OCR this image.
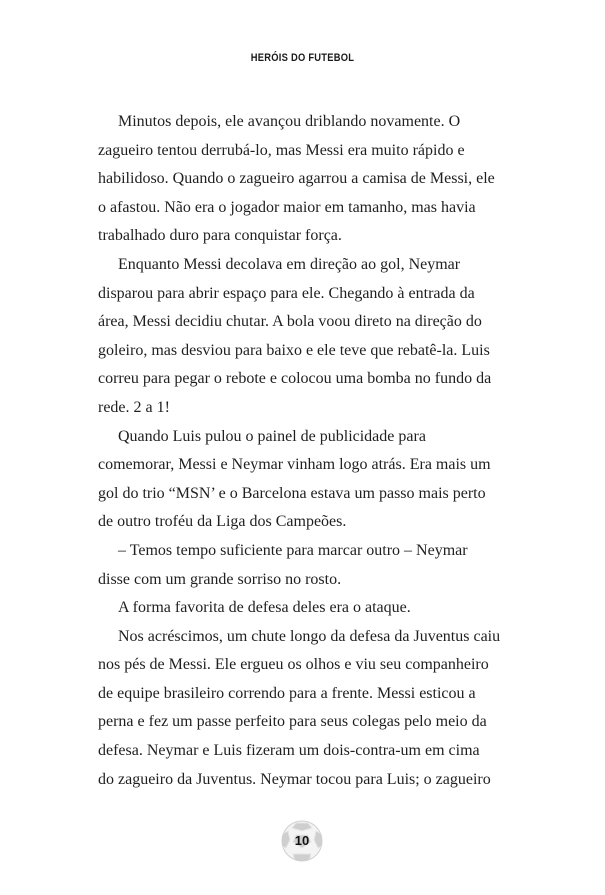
HERÓIS DO FUTEBOL

Minutos depois, ele avançou driblando novamente. O
zagueiro tentou derrubá-lo, mas Messi era muito rápido e
habilidoso. Quando o zagueiro agarrou a camisa de Messi, ele
o afastou. Não era o jogador maior em tamanho, mas havia
trabalhado duro para conquistar força.

Enquanto Messi decolava em direção ao gol, Neymar
disparou para abrir espaço para ele. Chegando à entrada da
área, Messi decidiu chutar. A bola voou direto na direção do
goleiro, mas desviou para baixo e ele teve que rebatê-la. Luis
correu para pegar o rebote e colocou uma bomba no fundo da
rede. 2 a 1!

Quando Luis pulou o painel de publicidade para
comemorar, Messi e Neymar vinham logo atrás. Era mais um
gol do trio “MSN’ e o Barcelona estava um passo mais perto
de outro troféu da Liga dos Campeões.

– Temos tempo suficiente para marcar outro – Neymar
disse com um grande sorriso no rosto.

A forma favorita de defesa deles era o ataque.

Nos acréscimos, um chute longo da defesa da Juventus caiu
nos pés de Messi. Ele ergueu os olhos e viu seu companheiro
de equipe brasileiro correndo para a frente. Messi esticou a
perna e fez um passe perfeito para seus colegas pelo meio da
defesa. Neymar e Luis fizeram um dois-contra-um em cima
do zagueiro da Juventus. Neymar tocou para Luis; o zagueiro

10
